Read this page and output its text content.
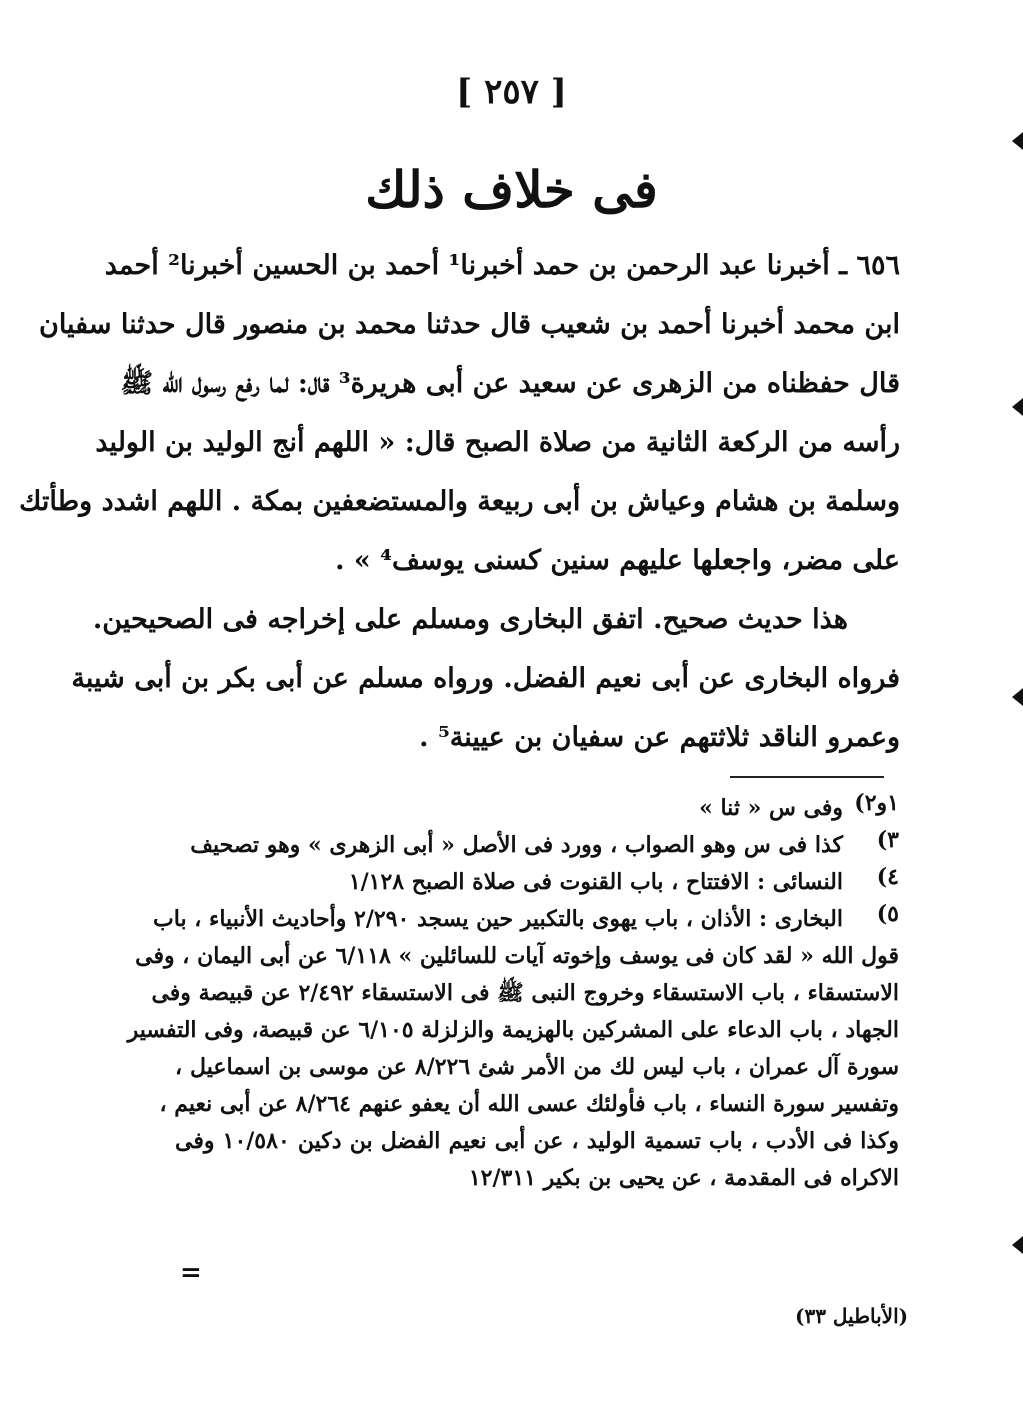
[ ٢٥٧ ]
فى خلاف ذلك
٦٥٦ ـ أخبرنا عبد الرحمن بن حمد أخبرنا¹ أحمد بن الحسين أخبرنا² أحمد
ابن محمد أخبرنا أحمد بن شعيب قال حدثنا محمد بن منصور قال حدثنا سفيان
قال حفظناه من الزهرى عن سعيد عن أبى هريرة³ قال: لما رفع رسول الله ﷺ
رأسه من الركعة الثانية من صلاة الصبح قال: « اللهم أنج الوليد بن الوليد
وسلمة بن هشام وعياش بن أبى ربيعة والمستضعفين بمكة . اللهم اشدد وطأتك
على مضر، واجعلها عليهم سنين كسنى يوسف⁴ » .
هذا حديث صحيح. اتفق البخارى ومسلم على إخراجه فى الصحيحين.
فرواه البخارى عن أبى نعيم الفضل. ورواه مسلم عن أبى بكر بن أبى شيبة
وعمرو الناقد ثلاثتهم عن سفيان بن عيينة⁵ .
١و٢)
وفى س « ثنا »
٣)
كذا فى س وهو الصواب ، وورد فى الأصل « أبى الزهرى » وهو تصحيف
٤)
النسائى : الافتتاح ، باب القنوت فى صلاة الصبح ١/١٢٨
٥)
البخارى : الأذان ، باب يهوى بالتكبير حين يسجد ٢/٢٩٠ وأحاديث الأنبياء ، باب
قول الله « لقد كان فى يوسف وإخوته آيات للسائلين » ٦/١١٨ عن أبى اليمان ، وفى
الاستسقاء ، باب الاستسقاء وخروج النبى ﷺ فى الاستسقاء ٢/٤٩٢ عن قبيصة وفى
الجهاد ، باب الدعاء على المشركين بالهزيمة والزلزلة ٦/١٠٥ عن قبيصة، وفى التفسير
سورة آل عمران ، باب ليس لك من الأمر شئ ٨/٢٢٦ عن موسى بن اسماعيل ،
وتفسير سورة النساء ، باب فأولئك عسى الله أن يعفو عنهم ٨/٢٦٤ عن أبى نعيم ،
وكذا فى الأدب ، باب تسمية الوليد ، عن أبى نعيم الفضل بن دكين ١٠/٥٨٠ وفى
الاكراه فى المقدمة ، عن يحيى بن بكير ١٢/٣١١
=
(الأباطيل ٣٣)
